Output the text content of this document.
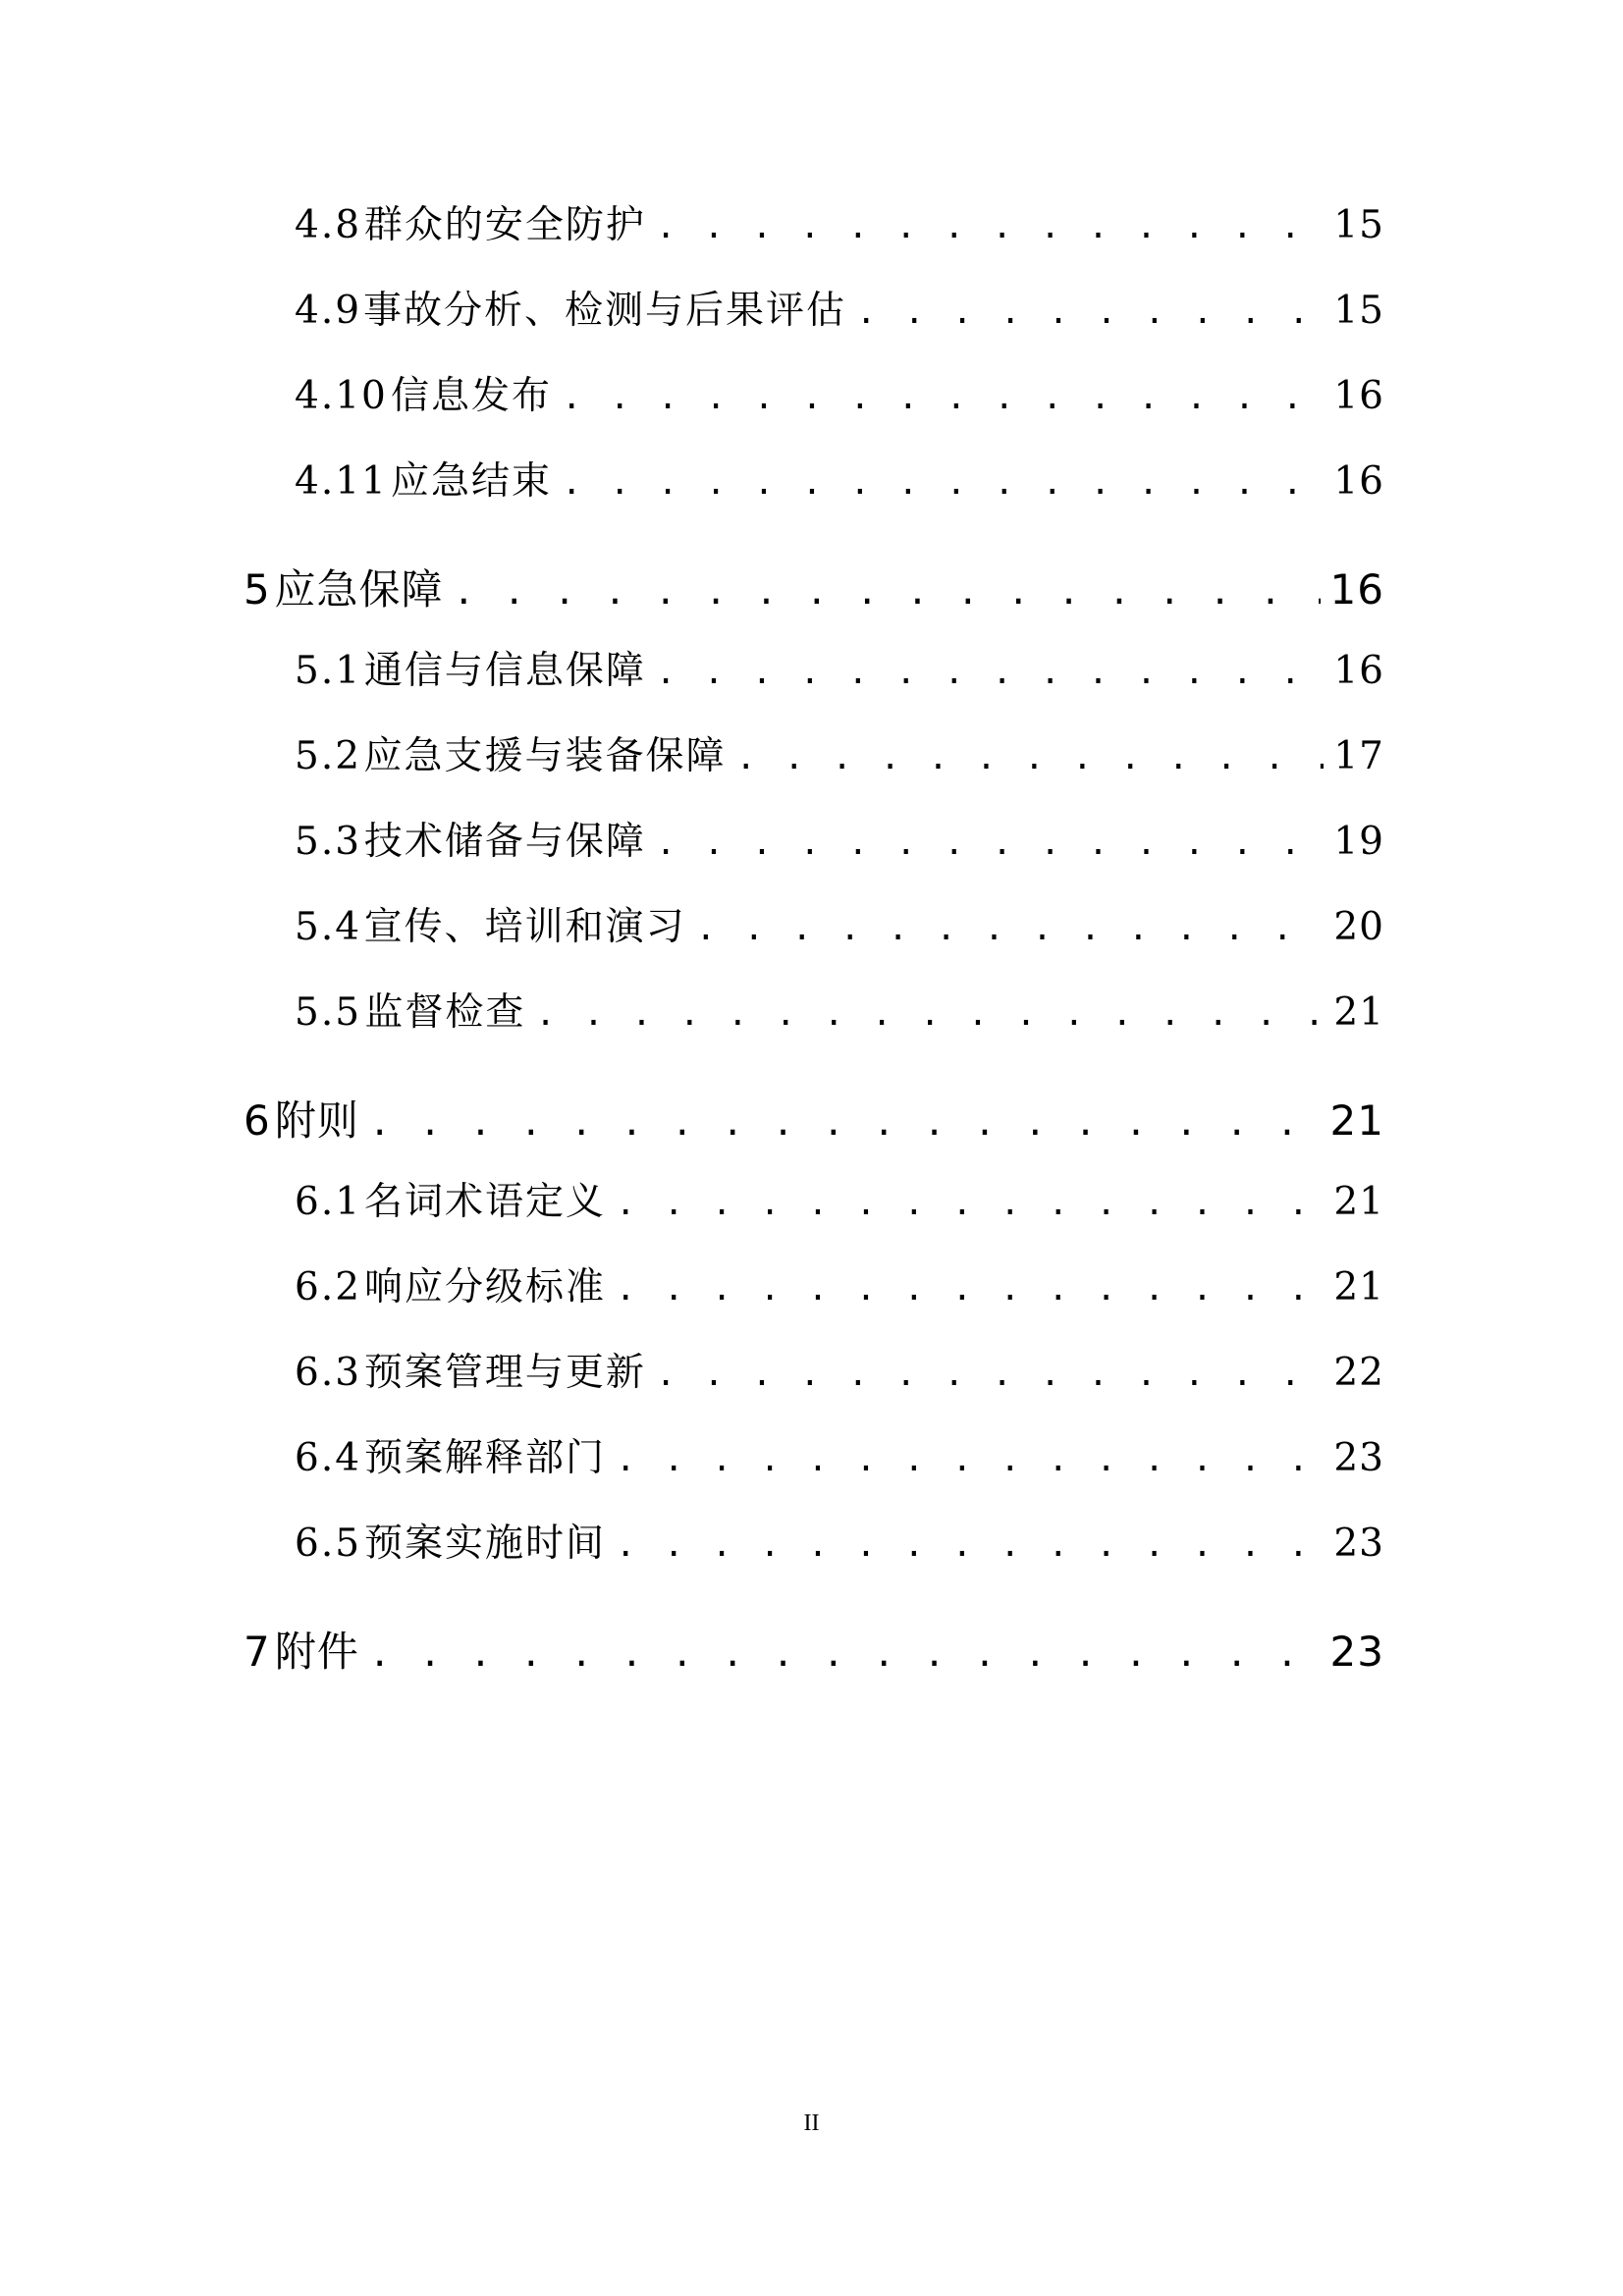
4.8 群众的安全防护 . . .	15
4.9 事故分析、检测与后果评估 . . .	15
4.10 信息发布 . . .	16
4.11 应急结束 . . .	16
5 应急保障 . . .	16
5.1 通信与信息保障 . . .	16
5.2 应急支援与装备保障 . . .	17
5.3 技术储备与保障 . . .	19
5.4 宣传、培训和演习 . . .	20
5.5 监督检查 . . .	21
6 附则 . . .	21
6.1 名词术语定义 . . .	21
6.2 响应分级标准 . . .	21
6.3 预案管理与更新 . . .	22
6.4 预案解释部门 . . .	23
6.5 预案实施时间 . . .	23
7 附件 . . .	23
II
